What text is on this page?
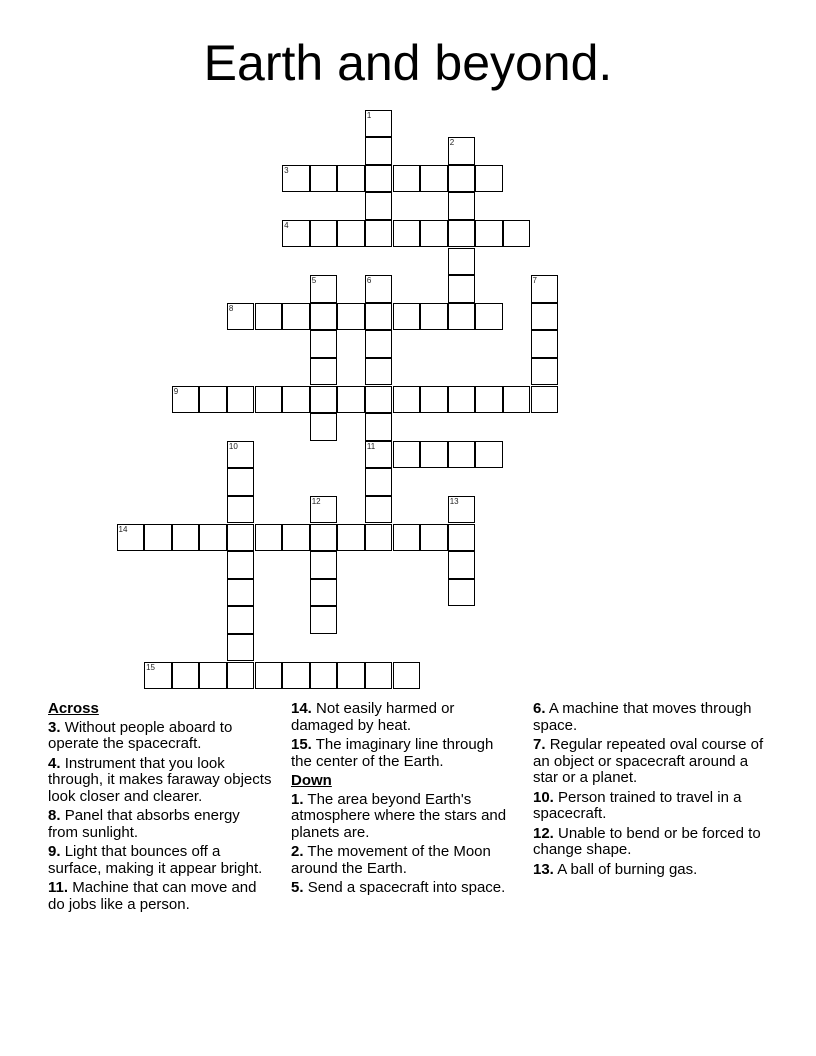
Earth and beyond.
1
2
3
4
5	6
11
7
8
9
10
12	13
14
15
Across
3. Without people aboard to operate the spacecraft.
4. Instrument that you look through, it makes faraway objects look closer and clearer.
8. Panel that absorbs energy from sunlight.
9. Light that bounces off a surface, making it appear bright.
11. Machine that can move and do jobs like a person.
14. Not easily harmed or damaged by heat.
15. The imaginary line through the center of the Earth.
Down
1. The area beyond Earth's atmosphere where the stars and planets are.
2. The movement of the Moon around the Earth.
5. Send a spacecraft into space.
6. A machine that moves through space.
7. Regular repeated oval course of an object or spacecraft around a star or a planet.
10. Person trained to travel in a spacecraft.
12. Unable to bend or be forced to change shape.
13. A ball of burning gas.
